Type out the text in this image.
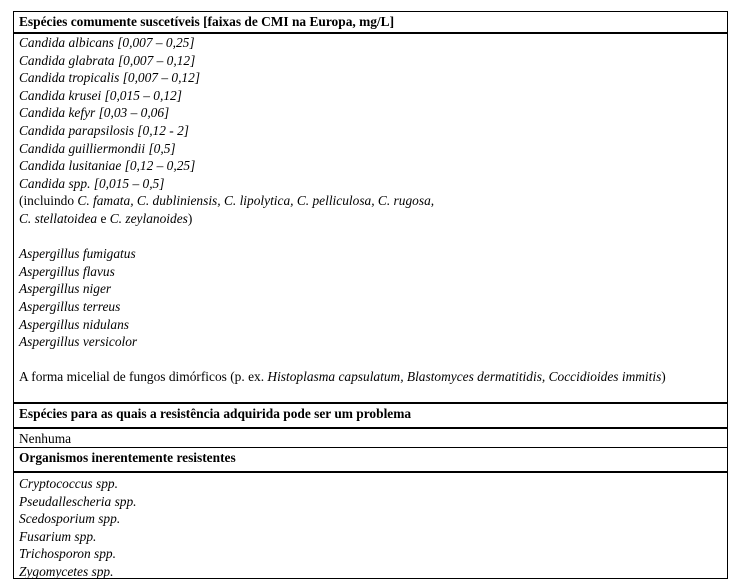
Espécies comumente suscetíveis [faixas de CMI na Europa, mg/L]
Candida albicans [0,007 – 0,25]
Candida glabrata [0,007 – 0,12]
Candida tropicalis [0,007 – 0,12]
Candida krusei [0,015 – 0,12]
Candida kefyr [0,03 – 0,06]
Candida parapsilosis [0,12 - 2]
Candida guilliermondii [0,5]
Candida lusitaniae [0,12 – 0,25]
Candida spp. [0,015 – 0,5]
(incluindo C. famata, C. dubliniensis, C. lipolytica, C. pelliculosa, C. rugosa,
C. stellatoidea e C. zeylanoides)
Aspergillus fumigatus
Aspergillus flavus
Aspergillus niger
Aspergillus terreus
Aspergillus nidulans
Aspergillus versicolor
A forma micelial de fungos dimórficos (p. ex. Histoplasma capsulatum, Blastomyces dermatitidis, Coccidioides immitis)
Espécies para as quais a resistência adquirida pode ser um problema
Nenhuma
Organismos inerentemente resistentes
Cryptococcus spp.
Pseudallescheria spp.
Scedosporium spp.
Fusarium spp.
Trichosporon spp.
Zygomycetes spp.
